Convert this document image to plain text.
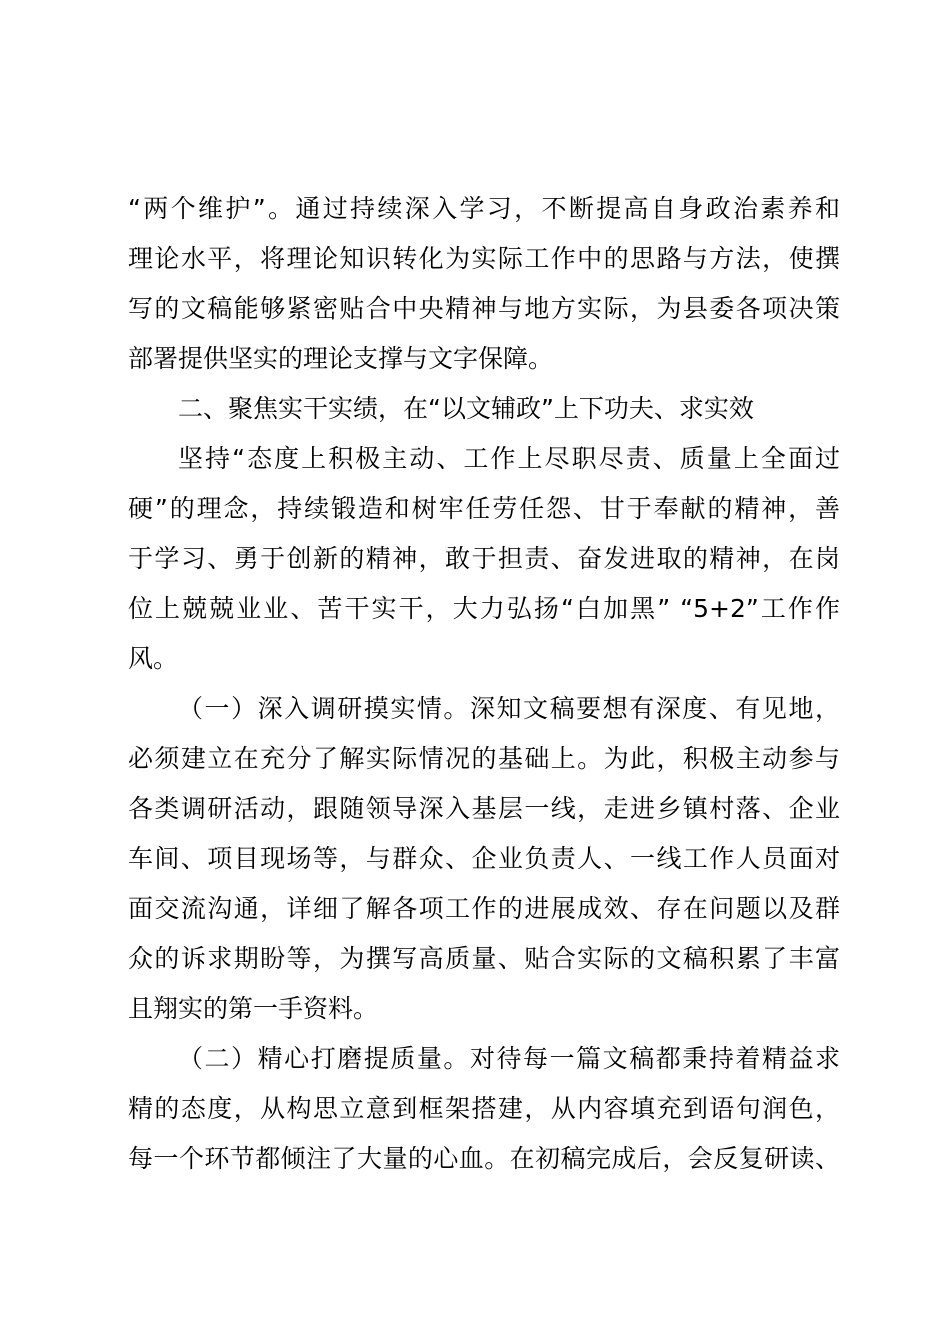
“两个维护”。通过持续深入学习，不断提高自身政治素养和
理论水平，将理论知识转化为实际工作中的思路与方法，使撰
写的文稿能够紧密贴合中央精神与地方实际，为县委各项决策
部署提供坚实的理论支撑与文字保障。
二、聚焦实干实绩，在“以文辅政”上下功夫、求实效
坚持“态度上积极主动、工作上尽职尽责、质量上全面过
硬”的理念，持续锻造和树牢任劳任怨、甘于奉献的精神，善
于学习、勇于创新的精神，敢于担责、奋发进取的精神，在岗
位上兢兢业业、苦干实干，大力弘扬“白加黑” “5+2”工作作
风。
（一）深入调研摸实情。深知文稿要想有深度、有见地，
必须建立在充分了解实际情况的基础上。为此，积极主动参与
各类调研活动，跟随领导深入基层一线，走进乡镇村落、企业
车间、项目现场等，与群众、企业负责人、一线工作人员面对
面交流沟通，详细了解各项工作的进展成效、存在问题以及群
众的诉求期盼等，为撰写高质量、贴合实际的文稿积累了丰富
且翔实的第一手资料。
（二）精心打磨提质量。对待每一篇文稿都秉持着精益求
精的态度，从构思立意到框架搭建，从内容填充到语句润色，
每一个环节都倾注了大量的心血。在初稿完成后，会反复研读、
